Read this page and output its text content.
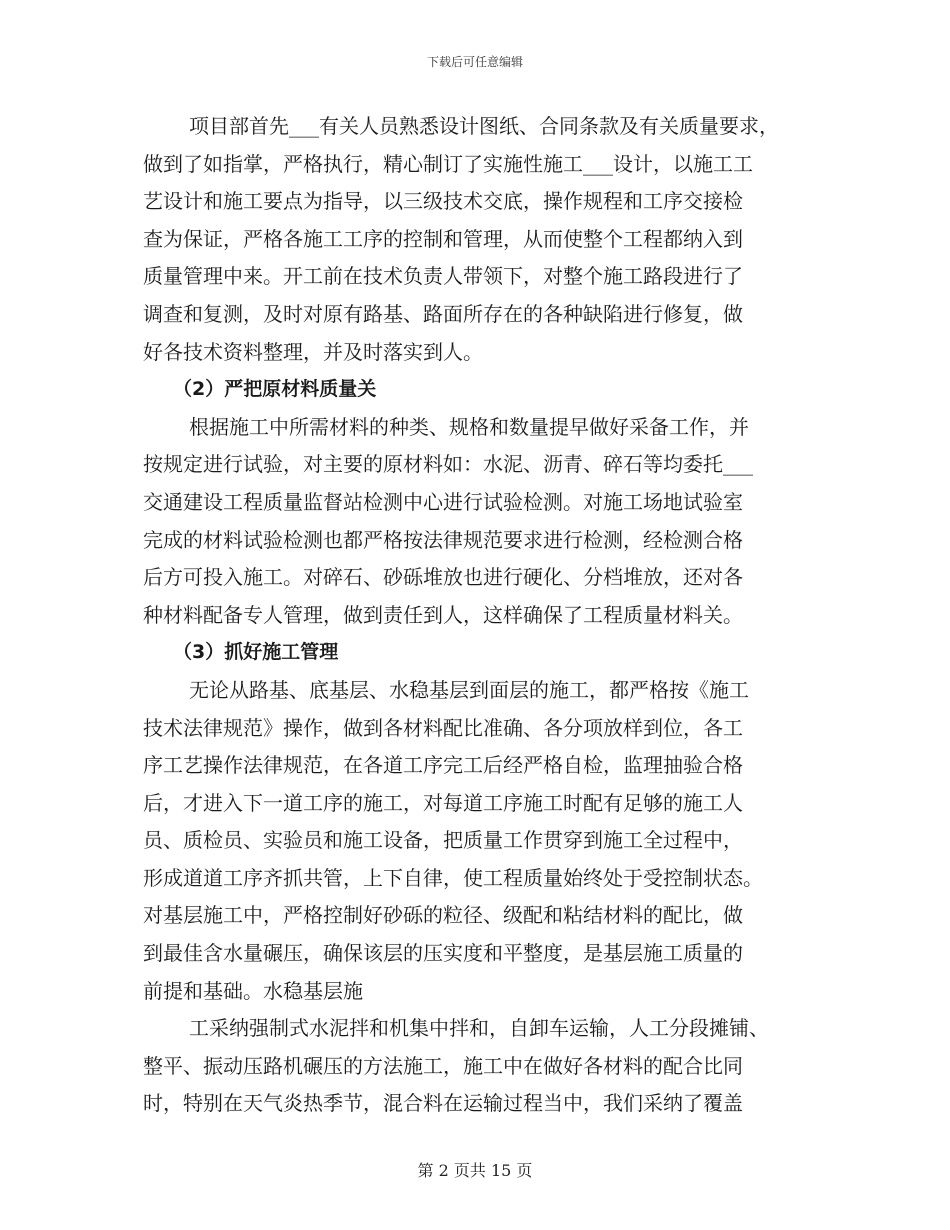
下载后可任意编辑
项目部首先___有关人员熟悉设计图纸、合同条款及有关质量要求，
做到了如指掌，严格执行，精心制订了实施性施工___设计，以施工工
艺设计和施工要点为指导，以三级技术交底，操作规程和工序交接检
查为保证，严格各施工工序的控制和管理，从而使整个工程都纳入到
质量管理中来。开工前在技术负责人带领下，对整个施工路段进行了
调查和复测，及时对原有路基、路面所存在的各种缺陷进行修复，做
好各技术资料整理，并及时落实到人。
（2）严把原材料质量关
根据施工中所需材料的种类、规格和数量提早做好采备工作，并
按规定进行试验，对主要的原材料如：水泥、沥青、碎石等均委托___
交通建设工程质量监督站检测中心进行试验检测。对施工场地试验室
完成的材料试验检测也都严格按法律规范要求进行检测，经检测合格
后方可投入施工。对碎石、砂砾堆放也进行硬化、分档堆放，还对各
种材料配备专人管理，做到责任到人，这样确保了工程质量材料关。
（3）抓好施工管理
无论从路基、底基层、水稳基层到面层的施工，都严格按《施工
技术法律规范》操作，做到各材料配比准确、各分项放样到位，各工
序工艺操作法律规范，在各道工序完工后经严格自检，监理抽验合格
后，才进入下一道工序的施工，对每道工序施工时配有足够的施工人
员、质检员、实验员和施工设备，把质量工作贯穿到施工全过程中，
形成道道工序齐抓共管，上下自律，使工程质量始终处于受控制状态。
对基层施工中，严格控制好砂砾的粒径、级配和粘结材料的配比，做
到最佳含水量碾压，确保该层的压实度和平整度，是基层施工质量的
前提和基础。水稳基层施
工采纳强制式水泥拌和机集中拌和，自卸车运输，人工分段摊铺、
整平、振动压路机碾压的方法施工，施工中在做好各材料的配合比同
时，特别在天气炎热季节，混合料在运输过程当中，我们采纳了覆盖
第 2 页共 15 页
